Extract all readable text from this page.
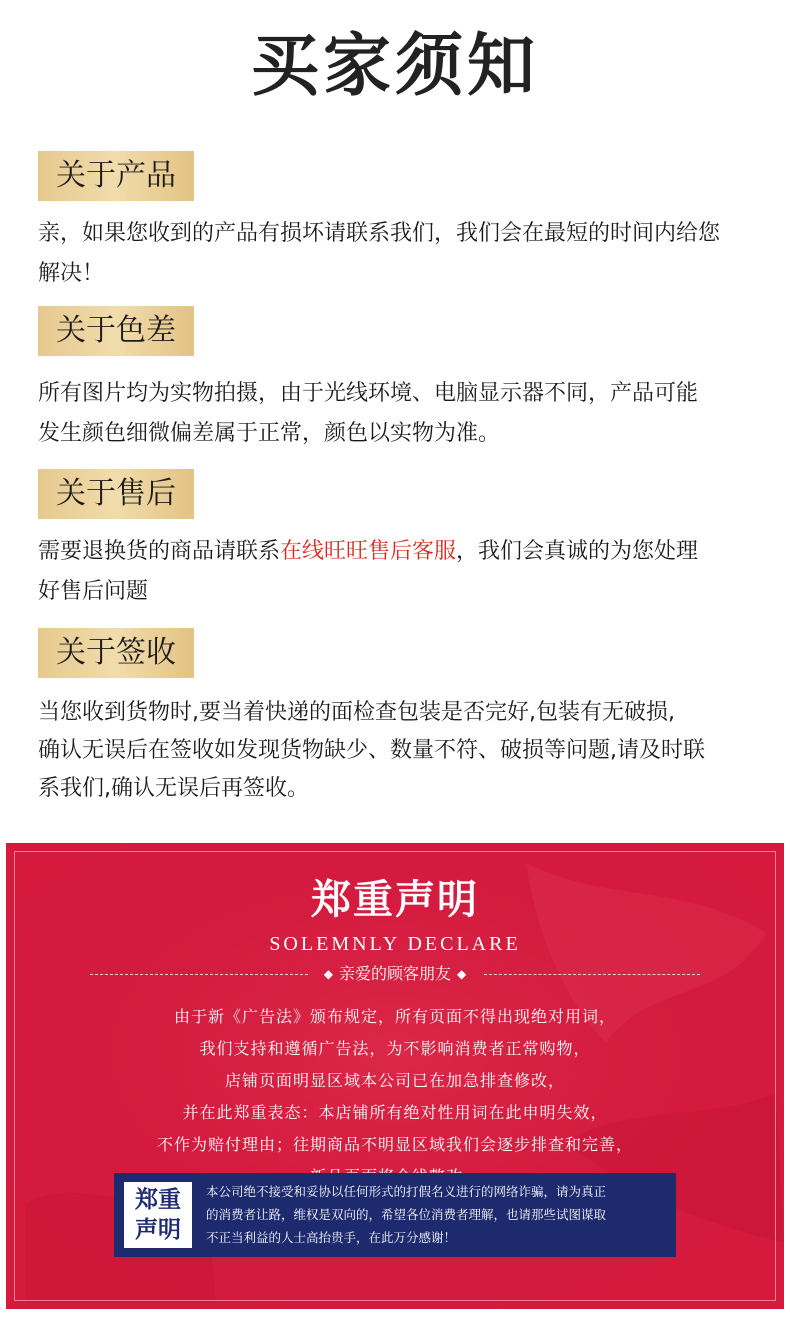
买家须知
关于产品
亲，如果您收到的产品有损坏请联系我们，我们会在最短的时间内给您
解决！
关于色差
所有图片均为实物拍摄，由于光线环境、电脑显示器不同，产品可能
发生颜色细微偏差属于正常，颜色以实物为准。
关于售后
需要退换货的商品请联系在线旺旺售后客服，我们会真诚的为您处理
好售后问题
关于签收
当您收到货物时,要当着快递的面检查包装是否完好,包装有无破损,
确认无误后在签收如发现货物缺少、数量不符、破损等问题,请及时联
系我们,确认无误后再签收。
郑重声明
SOLEMNLY DECLARE
◆ 亲爱的顾客朋友 ◆
由于新《广告法》颁布规定，所有页面不得出现绝对用词，
我们支持和遵循广告法，为不影响消费者正常购物，
店铺页面明显区域本公司已在加急排查修改，
并在此郑重表态：本店铺所有绝对性用词在此申明失效，
不作为赔付理由；往期商品不明显区域我们会逐步排查和完善，
郑重
声明
本公司绝不接受和妥协以任何形式的打假名义进行的网络诈骗，请为真正
的消费者让路，维权是双向的，希望各位消费者理解，也请那些试图谋取
不正当利益的人士高抬贵手，在此万分感谢！
